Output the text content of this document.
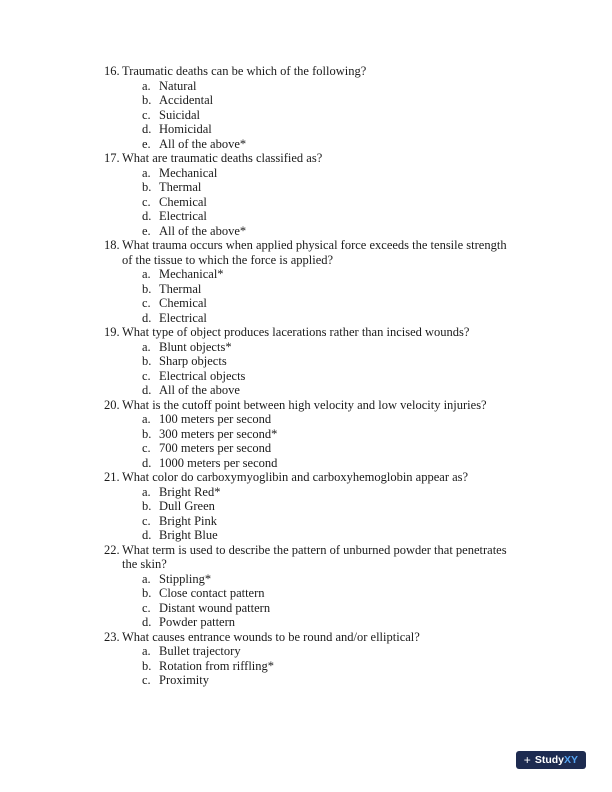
16. Traumatic deaths can be which of the following?
a. Natural
b. Accidental
c. Suicidal
d. Homicidal
e. All of the above*
17. What are traumatic deaths classified as?
a. Mechanical
b. Thermal
c. Chemical
d. Electrical
e. All of the above*
18. What trauma occurs when applied physical force exceeds the tensile strength of the tissue to which the force is applied?
a. Mechanical*
b. Thermal
c. Chemical
d. Electrical
19. What type of object produces lacerations rather than incised wounds?
a. Blunt objects*
b. Sharp objects
c. Electrical objects
d. All of the above
20. What is the cutoff point between high velocity and low velocity injuries?
a. 100 meters per second
b. 300 meters per second*
c. 700 meters per second
d. 1000 meters per second
21. What color do carboxymyoglibin and carboxyhemoglobin appear as?
a. Bright Red*
b. Dull Green
c. Bright Pink
d. Bright Blue
22. What term is used to describe the pattern of unburned powder that penetrates the skin?
a. Stippling*
b. Close contact pattern
c. Distant wound pattern
d. Powder pattern
23. What causes entrance wounds to be round and/or elliptical?
a. Bullet trajectory
b. Rotation from riffling*
c. Proximity
+ StudyXY
